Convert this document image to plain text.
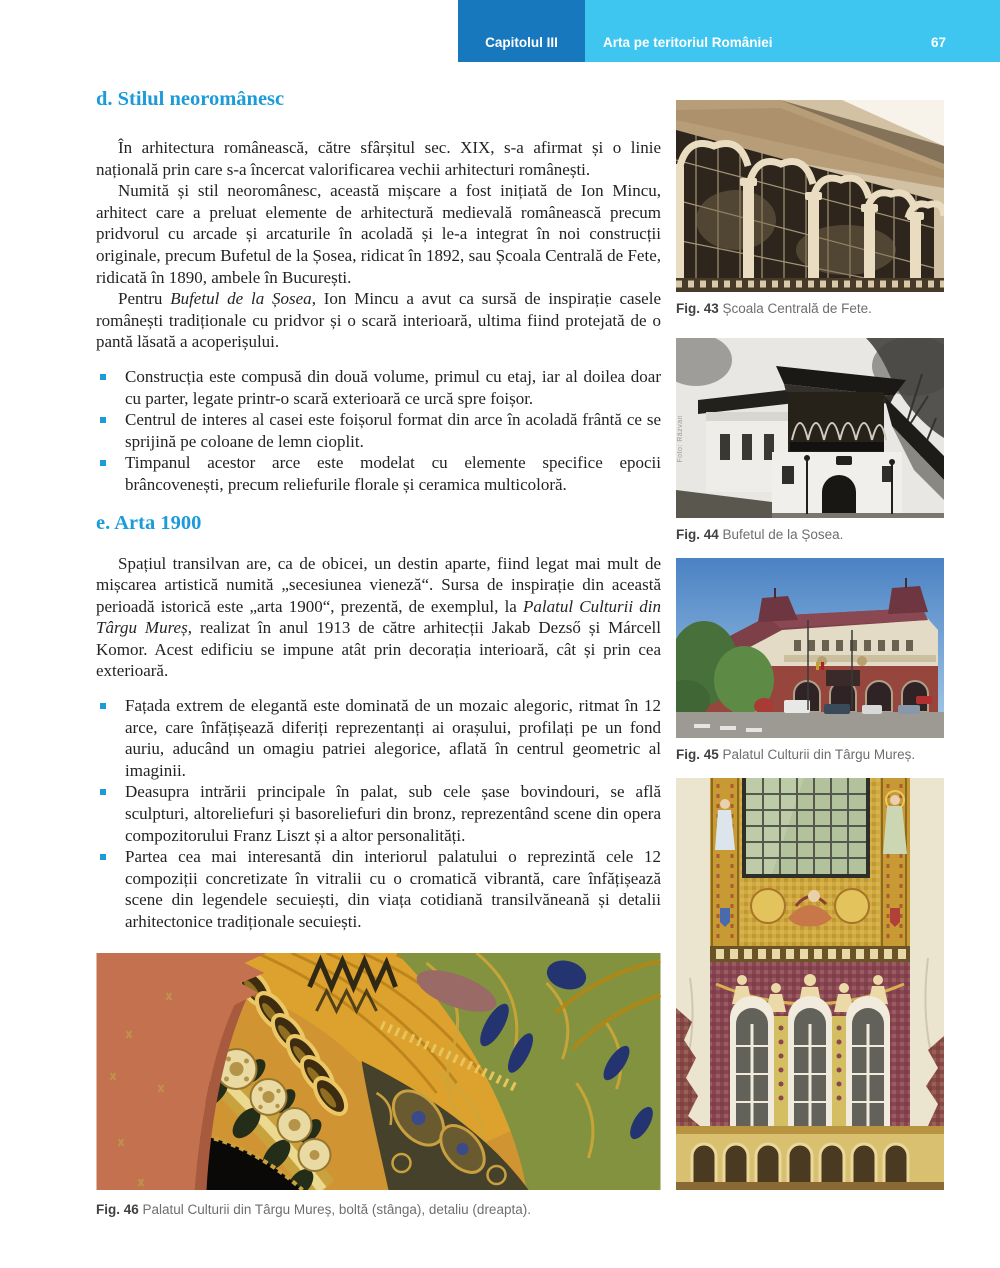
Capitolul III	Arta pe teritoriul României	67
d. Stilul neoromânesc

În arhitectura românească, către sfârșitul sec. XIX, s-a afirmat și o linie națională prin care s-a încercat valorificarea vechii arhitecturi românești.

Numită și stil neoromânesc, această mișcare a fost inițiată de Ion Mincu, arhitect care a preluat elemente de arhitectură medievală românească precum pridvorul cu arcade și arcaturile în acoladă și le-a integrat în noi construcții originale, precum Bufetul de la Șosea, ridicat în 1892, sau Școala Centrală de Fete, ridicată în 1890, ambele în București.

Pentru Bufetul de la Șosea, Ion Mincu a avut ca sursă de inspirație casele românești tradiționale cu pridvor și o scară interioară, ultima fiind protejată de o pantă lăsată a acoperișului.

Construcția este compusă din două volume, primul cu etaj, iar al doilea doar cu parter, legate printr-o scară exterioară ce urcă spre foișor.
Centrul de interes al casei este foișorul format din arce în acoladă frântă ce se sprijină pe coloane de lemn cioplit.
Timpanul acestor arce este modelat cu elemente specifice epocii brâncovenești, precum reliefurile florale și ceramica multicoloră.
e. Arta 1900

Spațiul transilvan are, ca de obicei, un destin aparte, fiind legat mai mult de mișcarea artistică numită „secesiunea vieneză“. Sursa de inspirație din această perioadă istorică este „arta 1900“, prezentă, de exemplul, la Palatul Culturii din Târgu Mureș, realizat în anul 1913 de către arhitecții Jakab Dezső și Márcell Komor. Acest edificiu se impune atât prin decorația interioară, cât și prin cea exterioară.

Fațada extrem de elegantă este dominată de un mozaic alegoric, ritmat în 12 arce, care înfățișează diferiți reprezentanți ai orașului, profilați pe un fond auriu, aducând un omagiu patriei alegorice, aflată în centrul geometric al imaginii.
Deasupra intrării principale în palat, sub cele șase bovindouri, se află sculpturi, altoreliefuri și basoreliefuri din bronz, reprezentând scene din opera compozitorului Franz Liszt și a altor personalități.
Partea cea mai interesantă din interiorul palatului o reprezintă cele 12 compoziții concretizate în vitralii cu o cromatică vibrantă, care înfățișează scene din legendele secuiești, din viața cotidiană transilvăneană și detalii arhitectonice tradiționale secuiești.
Fig. 43 Școala Centrală de Fete.
Foto: Răzvan
Fig. 44 Bufetul de la Șosea.
Fig. 45 Palatul Culturii din Târgu Mureș.
Fig. 46 Palatul Culturii din Târgu Mureș, boltă (stânga), detaliu (dreapta).
